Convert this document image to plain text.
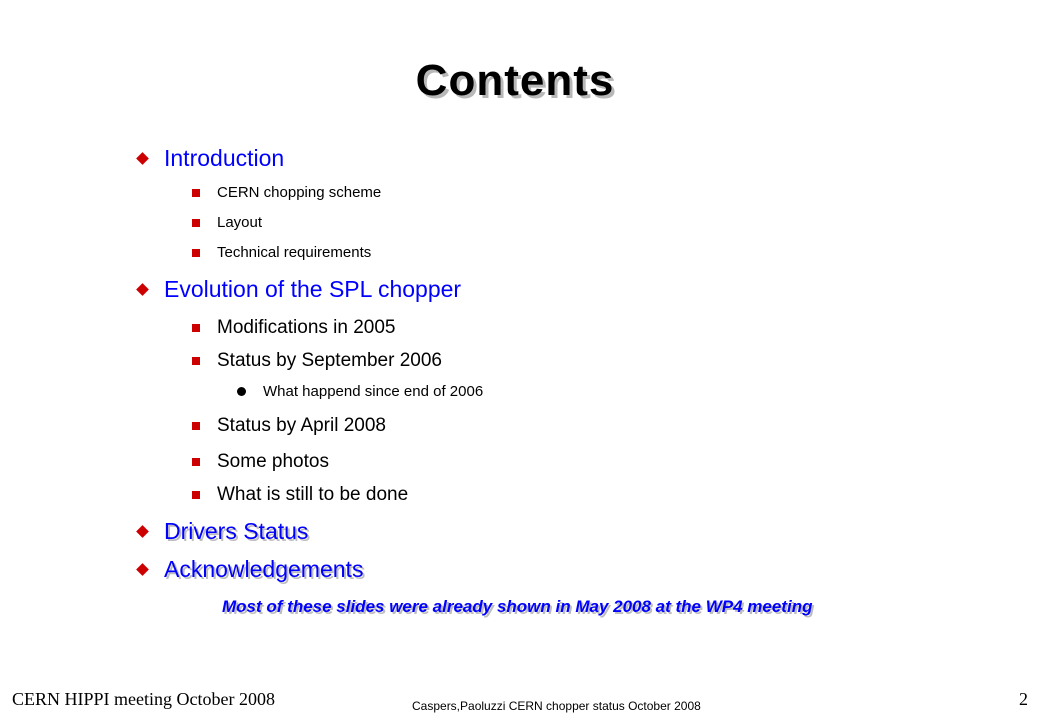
Contents
Introduction
CERN chopping scheme
Layout
Technical requirements
Evolution of the SPL chopper
Modifications in 2005
Status by September 2006
What happend since end of 2006
Status by April 2008
Some photos
What is still to be done
Drivers Status
Acknowledgements
Most of these slides were already shown in May 2008 at the WP4 meeting
CERN HIPPI meeting October 2008	Caspers,Paoluzzi CERN chopper status October 2008	2
